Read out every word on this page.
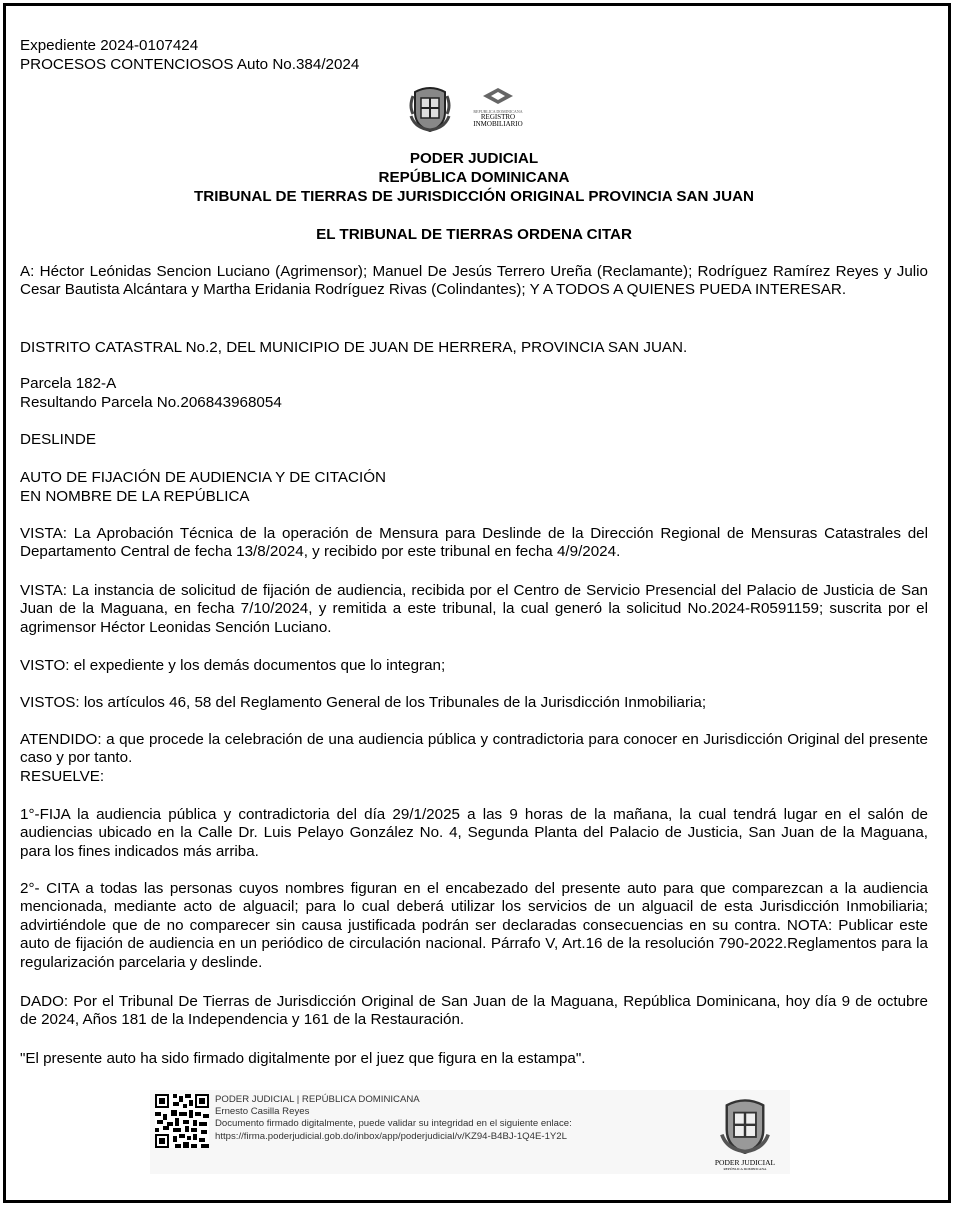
REPUBLICA DOMINICANA
REGISTRO
INMOBILIARIO
Expediente 2024-0107424
PROCESOS CONTENCIOSOS Auto No.384/2024
PODER JUDICIAL
REPÚBLICA DOMINICANA
TRIBUNAL DE TIERRAS DE JURISDICCIÓN ORIGINAL PROVINCIA SAN JUAN
EL TRIBUNAL DE TIERRAS ORDENA CITAR
A: Héctor Leónidas Sencion Luciano (Agrimensor); Manuel De Jesús Terrero Ureña (Reclamante); Rodríguez Ramírez Reyes y Julio Cesar Bautista Alcántara y Martha Eridania Rodríguez Rivas (Colindantes); Y A TODOS A QUIENES PUEDA INTERESAR.
DISTRITO CATASTRAL No.2, DEL MUNICIPIO DE JUAN DE HERRERA, PROVINCIA SAN JUAN.
Parcela 182-A
Resultando Parcela No.206843968054
DESLINDE
AUTO DE FIJACIÓN DE AUDIENCIA Y DE CITACIÓN
EN NOMBRE DE LA REPÚBLICA
VISTA: La Aprobación Técnica de la operación de Mensura para Deslinde de la Dirección Regional de Mensuras Catastrales del Departamento Central de fecha 13/8/2024, y recibido por este tribunal en fecha 4/9/2024.
VISTA: La instancia de solicitud de fijación de audiencia, recibida por el Centro de Servicio Presencial del Palacio de Justicia de San Juan de la Maguana, en fecha 7/10/2024, y remitida a este tribunal, la cual generó la solicitud No.2024-R0591159; suscrita por el agrimensor Héctor Leonidas Sención Luciano.
VISTO: el expediente y los demás documentos que lo integran;
VISTOS: los artículos 46, 58 del Reglamento General de los Tribunales de la Jurisdicción Inmobiliaria;
ATENDIDO: a que procede la celebración de una audiencia pública y contradictoria para conocer en Jurisdicción Original del presente caso y por tanto.
RESUELVE:
1°-FIJA la audiencia pública y contradictoria del día 29/1/2025 a las 9 horas de la mañana, la cual tendrá lugar en el salón de audiencias ubicado en la Calle Dr. Luis Pelayo González No. 4, Segunda Planta del Palacio de Justicia, San Juan de la Maguana, para los fines indicados más arriba.
2°- CITA a todas las personas cuyos nombres figuran en el encabezado del presente auto para que comparezcan a la audiencia mencionada, mediante acto de alguacil; para lo cual deberá utilizar los servicios de un alguacil de esta Jurisdicción Inmobiliaria; advirtiéndole que de no comparecer sin causa justificada podrán ser declaradas consecuencias en su contra. NOTA: Publicar este auto de fijación de audiencia en un periódico de circulación nacional. Párrafo V, Art.16 de la resolución 790-2022.Reglamentos para la regularización parcelaria y deslinde.
DADO: Por el Tribunal De Tierras de Jurisdicción Original de San Juan de la Maguana, República Dominicana, hoy día 9 de octubre de 2024, Años 181 de la Independencia y 161 de la Restauración.
"El presente auto ha sido firmado digitalmente por el juez que figura en la estampa".
PODER JUDICIAL | REPÚBLICA DOMINICANA
Ernesto Casilla Reyes
Documento firmado digitalmente, puede validar su integridad en el siguiente enlace:
https://firma.poderjudicial.gob.do/inbox/app/poderjudicial/v/KZ94-B4BJ-1Q4E-1Y2L
PODER JUDICIAL
REPÚBLICA DOMINICANA
